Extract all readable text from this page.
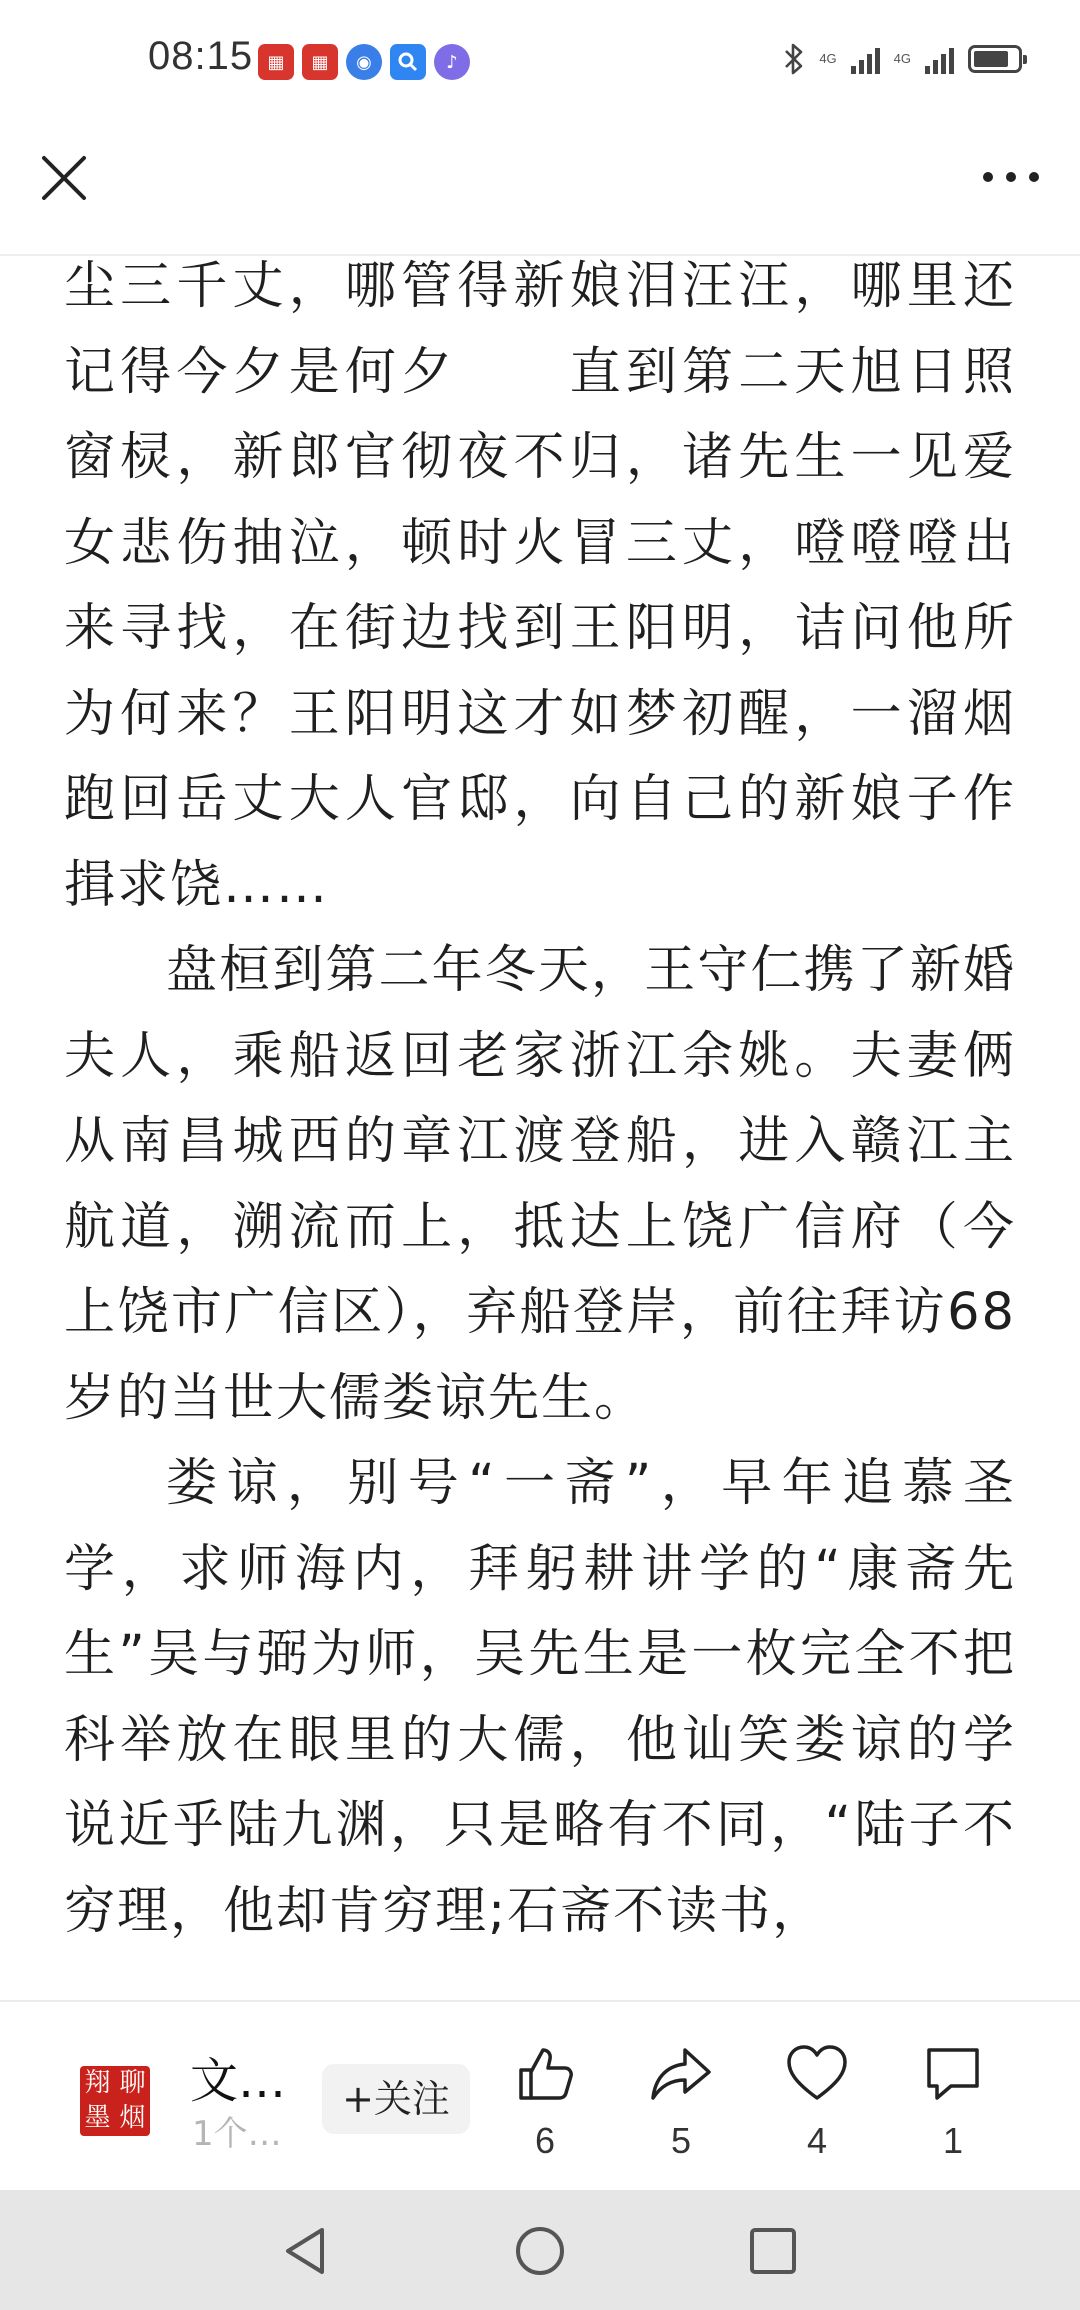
08:15 ▦	▦	◉	♪	4G	4G

尘三千丈，哪管得新娘泪汪汪，哪里还记得今夕是何夕　　直到第二天旭日照窗棂，新郎官彻夜不归，诸先生一见爱女悲伤抽泣，顿时火冒三丈，噔噔噔出来寻找，在街边找到王阳明，诘问他所为何来？王阳明这才如梦初醒，一溜烟跑回岳丈大人官邸，向自己的新娘子作揖求饶……

盘桓到第二年冬天，王守仁携了新婚夫人，乘船返回老家浙江余姚。夫妻俩从南昌城西的章江渡登船，进入赣江主航道，溯流而上，抵达上饶广信府（今上饶市广信区），弃船登岸，前往拜访68岁的当世大儒娄谅先生。

娄谅，别号“一斋”，早年追慕圣学，求师海内，拜躬耕讲学的“康斋先生”吴与弼为师，吴先生是一枚完全不把科举放在眼里的大儒，他讪笑娄谅的学说近乎陆九渊，只是略有不同，“陆子不穷理，他却肯穷理;石斋不读书，

翔 聊
墨 烟
文…
1个…
+关注
6	5	4	1
